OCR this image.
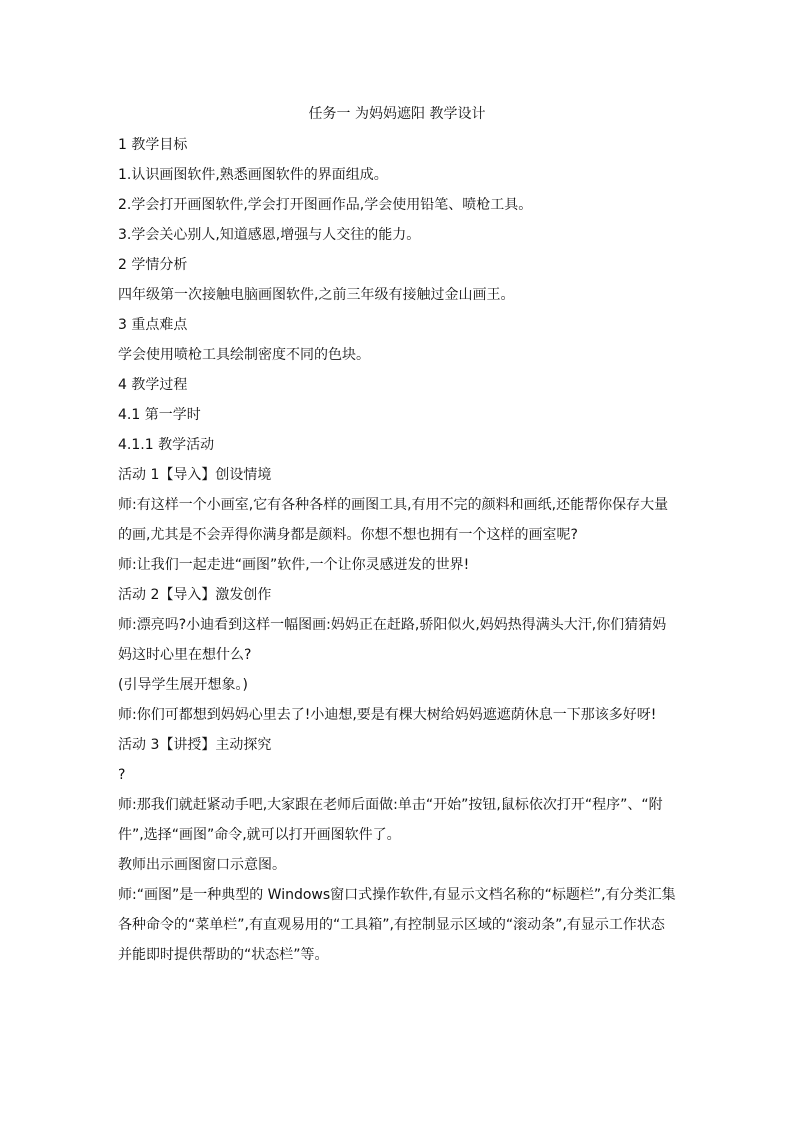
任务一 为妈妈遮阳 教学设计

1 教学目标

1.认识画图软件,熟悉画图软件的界面组成。

2.学会打开画图软件,学会打开图画作品,学会使用铅笔、喷枪工具。

3.学会关心别人,知道感恩,增强与人交往的能力。

2 学情分析

四年级第一次接触电脑画图软件,之前三年级有接触过金山画王。

3 重点难点

学会使用喷枪工具绘制密度不同的色块。

4 教学过程

4.1 第一学时

4.1.1 教学活动

活动 1【导入】创设情境

师:有这样一个小画室,它有各种各样的画图工具,有用不完的颜料和画纸,还能帮你保存大量的画,尤其是不会弄得你满身都是颜料。你想不想也拥有一个这样的画室呢?

师:让我们一起走进“画图”软件,一个让你灵感迸发的世界!

活动 2【导入】激发创作

师:漂亮吗?小迪看到这样一幅图画:妈妈正在赶路,骄阳似火,妈妈热得满头大汗,你们猜猜妈妈这时心里在想什么?

(引导学生展开想象。)

师:你们可都想到妈妈心里去了!小迪想,要是有棵大树给妈妈遮遮荫休息一下那该多好呀!

活动 3【讲授】主动探究

?

师:那我们就赶紧动手吧,大家跟在老师后面做:单击“开始”按钮,鼠标依次打开“程序”、“附件”,选择“画图”命令,就可以打开画图软件了。

教师出示画图窗口示意图。

师:“画图”是一种典型的 Windows窗口式操作软件,有显示文档名称的“标题栏”,有分类汇集各种命令的“菜单栏”,有直观易用的“工具箱”,有控制显示区域的“滚动条”,有显示工作状态并能即时提供帮助的“状态栏”等。
